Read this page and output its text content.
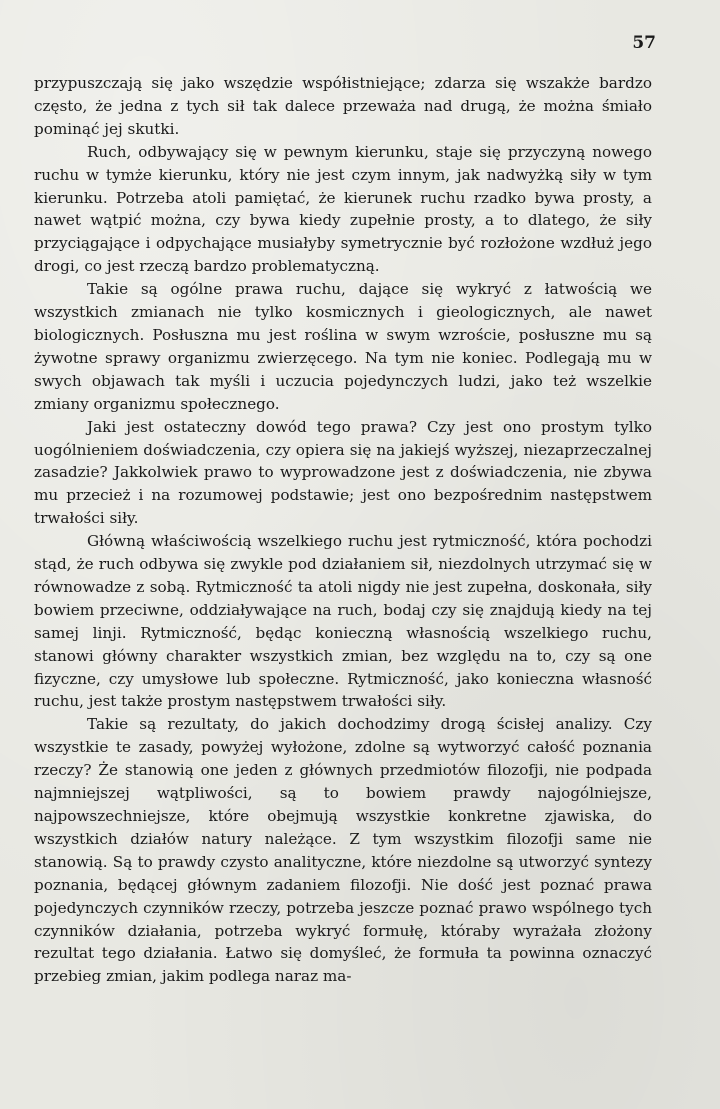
57

przypuszczają się jako wszędzie współistniejące; zdarza się wszakże bardzo często, że jedna z tych sił tak dalece przeważa nad drugą, że można śmiało pominąć jej skutki.

Ruch, odbywający się w pewnym kierunku, staje się przyczyną nowego ruchu w tymże kierunku, który nie jest czym innym, jak nadwyżką siły w tym kierunku. Potrzeba atoli pamiętać, że kierunek ruchu rzadko bywa prosty, a nawet wątpić można, czy bywa kiedy zupełnie prosty, a to dlatego, że siły przyciągające i odpychające musiałyby symetrycznie być rozłożone wzdłuż jego drogi, co jest rzeczą bardzo problematyczną.

Takie są ogólne prawa ruchu, dające się wykryć z łatwością we wszystkich zmianach nie tylko kosmicznych i gieologicznych, ale nawet biologicznych. Posłuszna mu jest roślina w swym wzroście, posłuszne mu są żywotne sprawy organizmu zwierzęcego. Na tym nie koniec. Podlegają mu w swych objawach tak myśli i uczucia pojedynczych ludzi, jako też wszelkie zmiany organizmu społecznego.

Jaki jest ostateczny dowód tego prawa? Czy jest ono prostym tylko uogólnieniem doświadczenia, czy opiera się na jakiejś wyższej, niezaprzeczalnej zasadzie? Jakkolwiek prawo to wyprowadzone jest z doświadczenia, nie zbywa mu przecież i na rozumowej podstawie; jest ono bezpośrednim następstwem trwałości siły.

Główną właściwością wszelkiego ruchu jest rytmiczność, która pochodzi stąd, że ruch odbywa się zwykle pod działaniem sił, niezdolnych utrzymać się w równowadze z sobą. Rytmiczność ta atoli nigdy nie jest zupełna, doskonała, siły bowiem przeciwne, oddziaływające na ruch, bodaj czy się znajdują kiedy na tej samej linji. Rytmiczność, będąc konieczną własnością wszelkiego ruchu, stanowi główny charakter wszystkich zmian, bez względu na to, czy są one fizyczne, czy umysłowe lub społeczne. Rytmiczność, jako konieczna własność ruchu, jest także prostym następstwem trwałości siły.

Takie są rezultaty, do jakich dochodzimy drogą ścisłej analizy. Czy wszystkie te zasady, powyżej wyłożone, zdolne są wytworzyć całość poznania rzeczy? Że stanowią one jeden z głównych przedmiotów filozofji, nie podpada najmniejszej wątpliwości, są to bowiem prawdy najogólniejsze, najpowszechniejsze, które obejmują wszystkie konkretne zjawiska, do wszystkich działów natury należące. Z tym wszystkim filozofji same nie stanowią. Są to prawdy czysto analityczne, które niezdolne są utworzyć syntezy poznania, będącej głównym zadaniem filozofji. Nie dość jest poznać prawa pojedynczych czynników rzeczy, potrzeba jeszcze poznać prawo wspólnego tych czynników działania, potrzeba wykryć formułę, któraby wyrażała złożony rezultat tego działania. Łatwo się domyśleć, że formuła ta powinna oznaczyć przebieg zmian, jakim podlega naraz ma-
